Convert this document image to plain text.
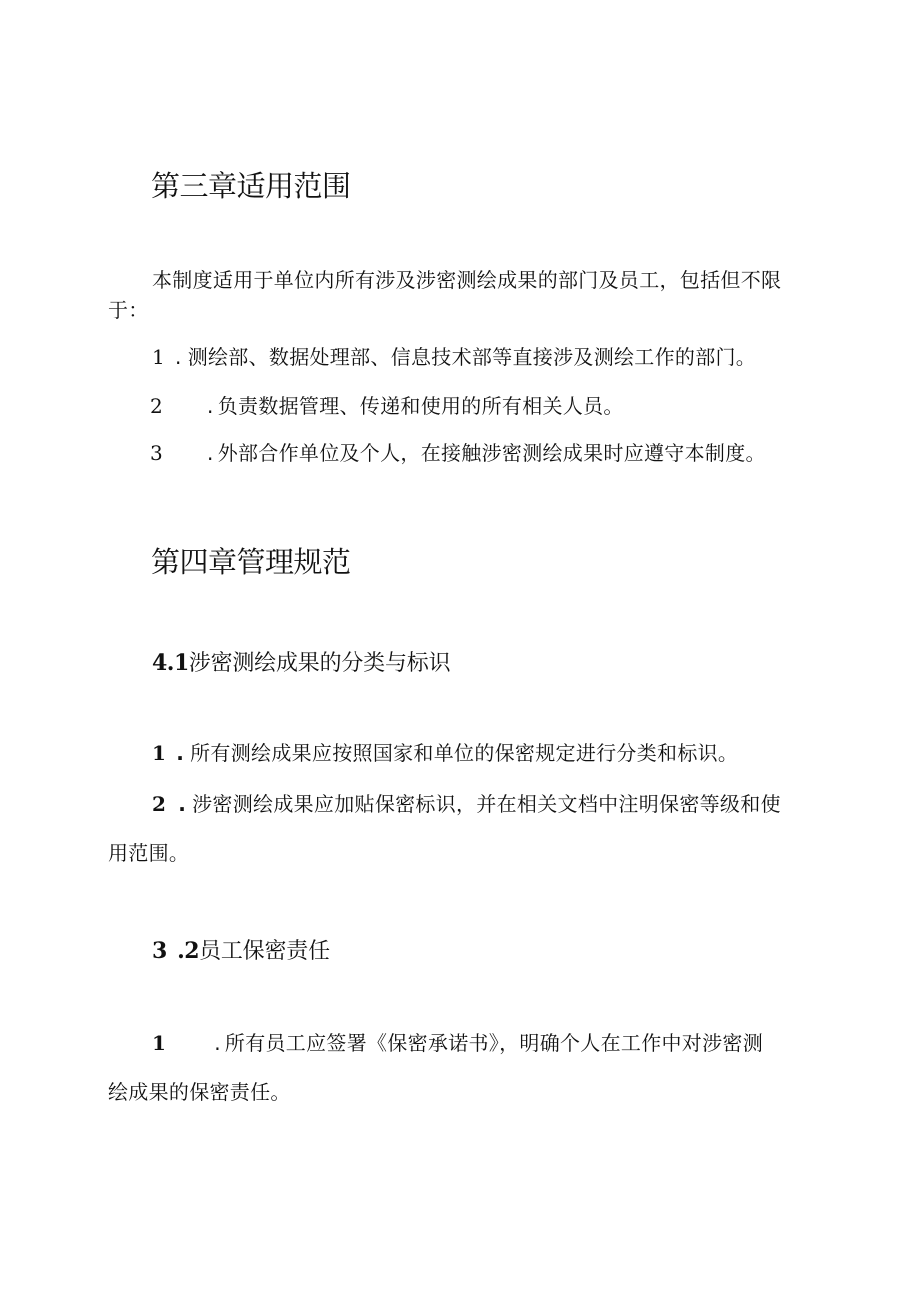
第三章适用范围
本制度适用于单位内所有涉及涉密测绘成果的部门及员工，包括但不限
于：
1 . 测绘部、数据处理部、信息技术部等直接涉及测绘工作的部门。
2 . 负责数据管理、传递和使用的所有相关人员。
3 . 外部合作单位及个人，在接触涉密测绘成果时应遵守本制度。
第四章管理规范
4.1涉密测绘成果的分类与标识
1 . 所有测绘成果应按照国家和单位的保密规定进行分类和标识。
2 . 涉密测绘成果应加贴保密标识，并在相关文档中注明保密等级和使
用范围。
3 .2员工保密责任
1 . 所有员工应签署《保密承诺书》，明确个人在工作中对涉密测
绘成果的保密责任。
